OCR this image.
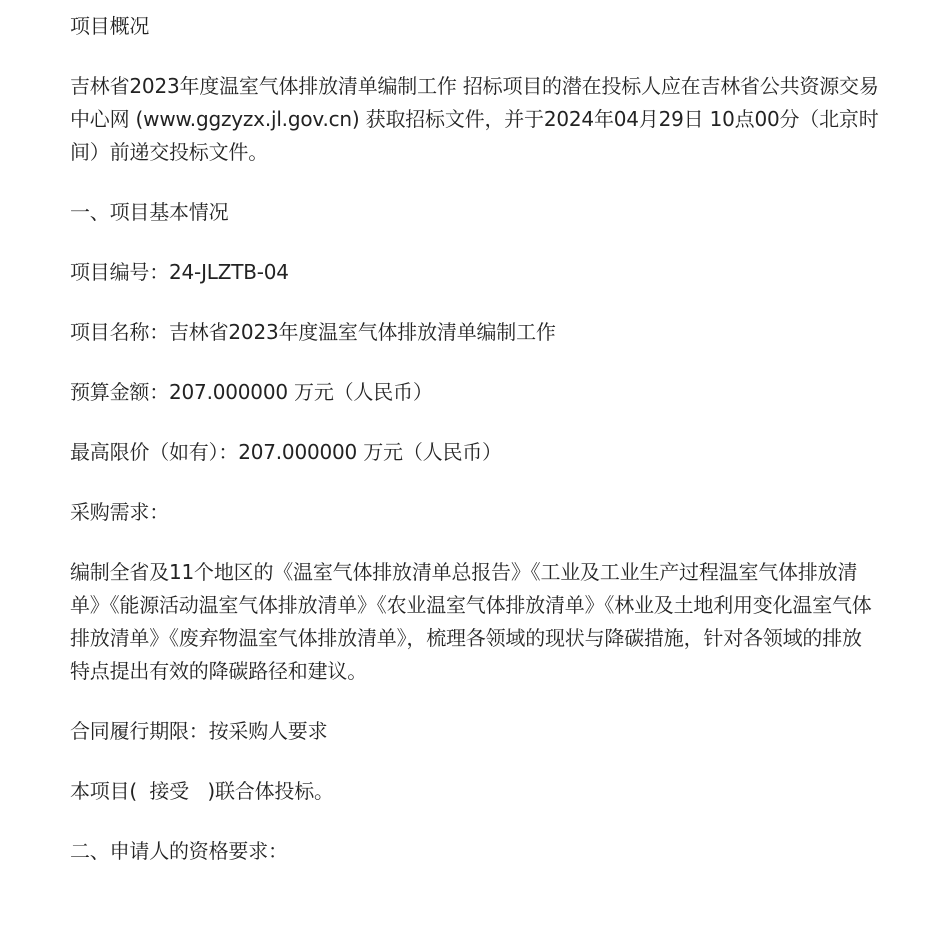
项目概况

吉林省2023年度温室气体排放清单编制工作 招标项目的潜在投标人应在吉林省公共资源交易中心网 (www.ggzyzx.jl.gov.cn) 获取招标文件，并于2024年04月29日 10点00分（北京时间）前递交投标文件。

一、项目基本情况

项目编号：24-JLZTB-04

项目名称：吉林省2023年度温室气体排放清单编制工作

预算金额：207.000000 万元（人民币）

最高限价（如有）：207.000000 万元（人民币）

采购需求：

编制全省及11个地区的《温室气体排放清单总报告》《工业及工业生产过程温室气体排放清单》《能源活动温室气体排放清单》《农业温室气体排放清单》《林业及土地利用变化温室气体排放清单》《废弃物温室气体排放清单》，梳理各领域的现状与降碳措施，针对各领域的排放特点提出有效的降碳路径和建议。

合同履行期限：按采购人要求

本项目(  接受   )联合体投标。

二、申请人的资格要求：
